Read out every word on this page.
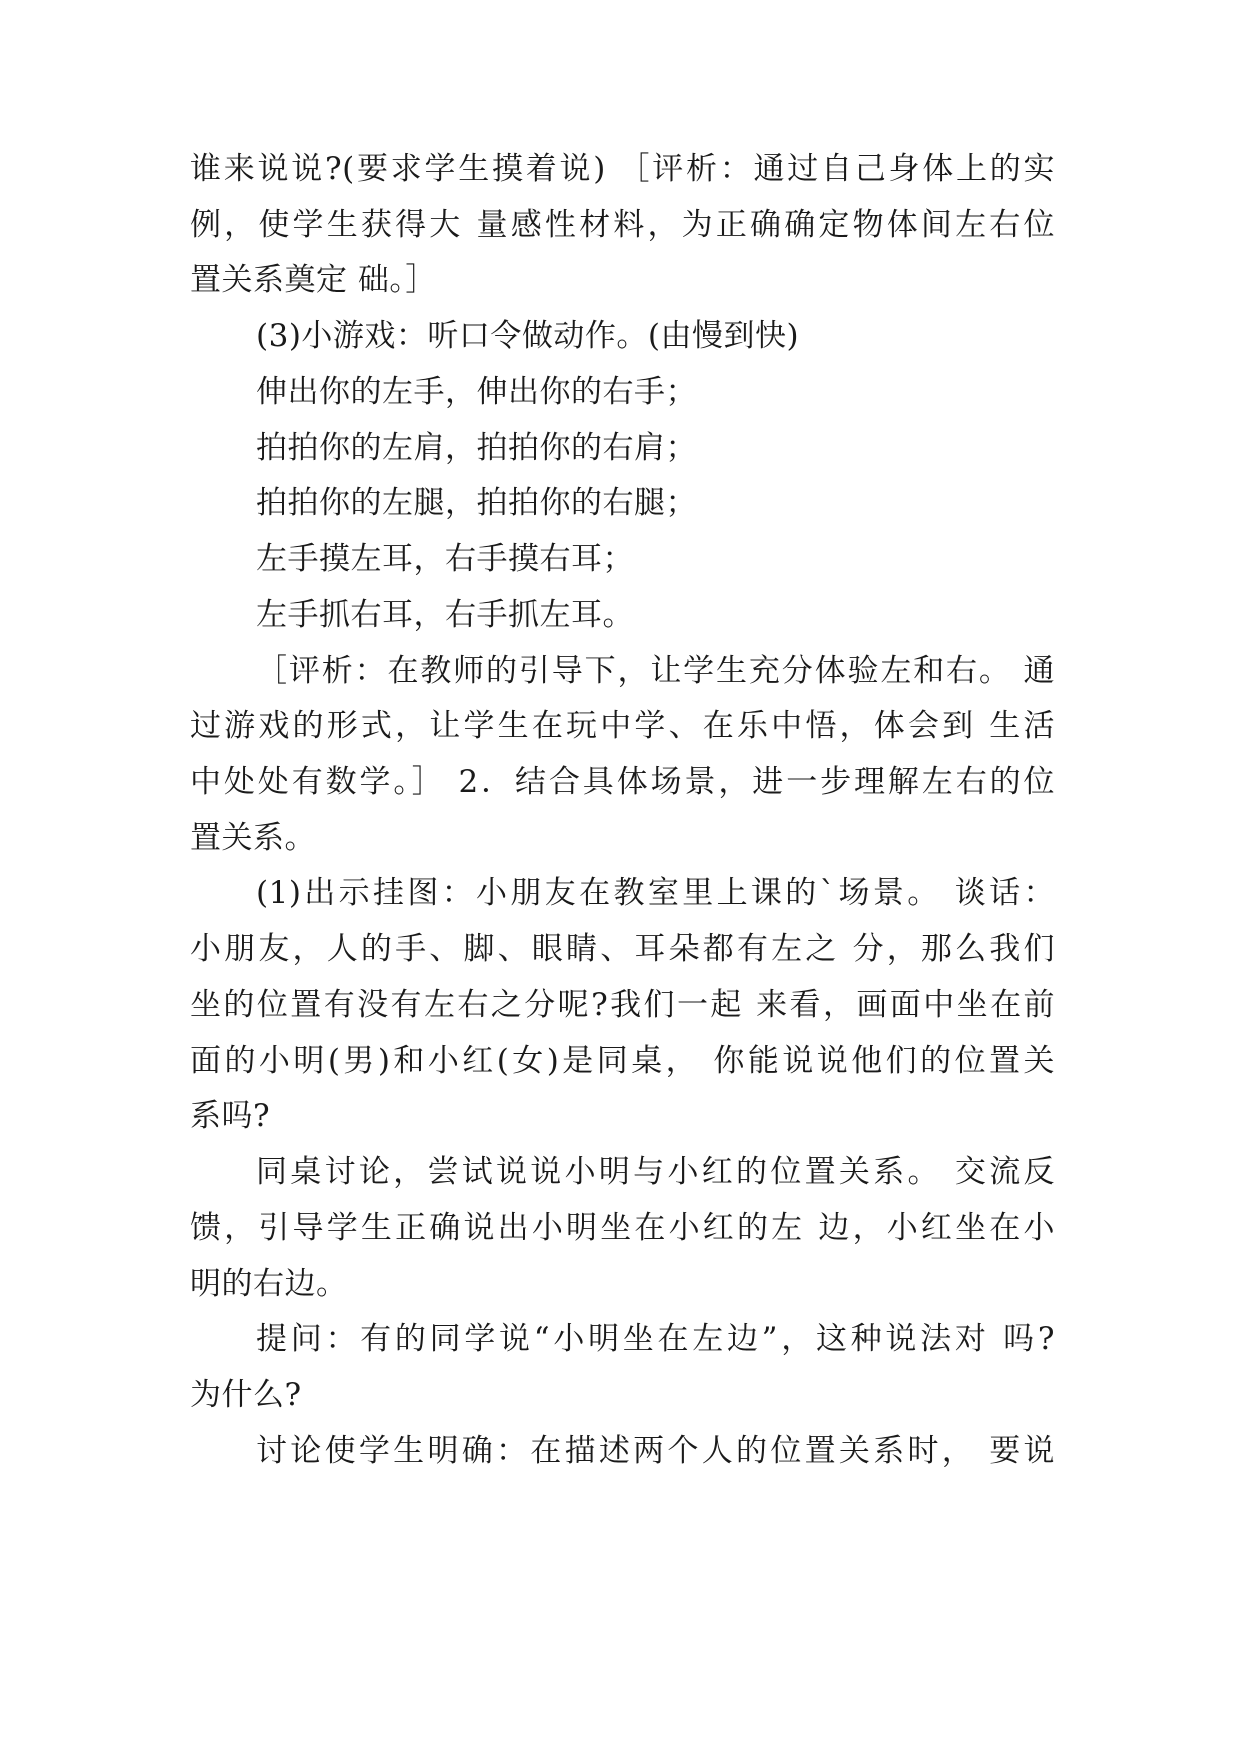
谁来说说?(要求学生摸着说) ［评析：通过自己身体上的实
例，使学生获得大 量感性材料，为正确确定物体间左右位
置关系奠定 础。］
(3)小游戏：听口令做动作。(由慢到快)
伸出你的左手，伸出你的右手；
拍拍你的左肩，拍拍你的右肩；
拍拍你的左腿，拍拍你的右腿；
左手摸左耳，右手摸右耳；
左手抓右耳，右手抓左耳。
［评析：在教师的引导下，让学生充分体验左和右。 通
过游戏的形式，让学生在玩中学、在乐中悟，体会到 生活
中处处有数学。］ 2．结合具体场景，进一步理解左右的位
置关系。
(1)出示挂图：小朋友在教室里上课的`场景。 谈话：
小朋友，人的手、脚、眼睛、耳朵都有左之 分，那么我们
坐的位置有没有左右之分呢?我们一起 来看，画面中坐在前
面的小明(男)和小红(女)是同桌， 你能说说他们的位置关
系吗?
同桌讨论，尝试说说小明与小红的位置关系。 交流反
馈，引导学生正确说出小明坐在小红的左 边，小红坐在小
明的右边。
提问：有的同学说“小明坐在左边”，这种说法对 吗?
为什么?
讨论使学生明确：在描述两个人的位置关系时， 要说
